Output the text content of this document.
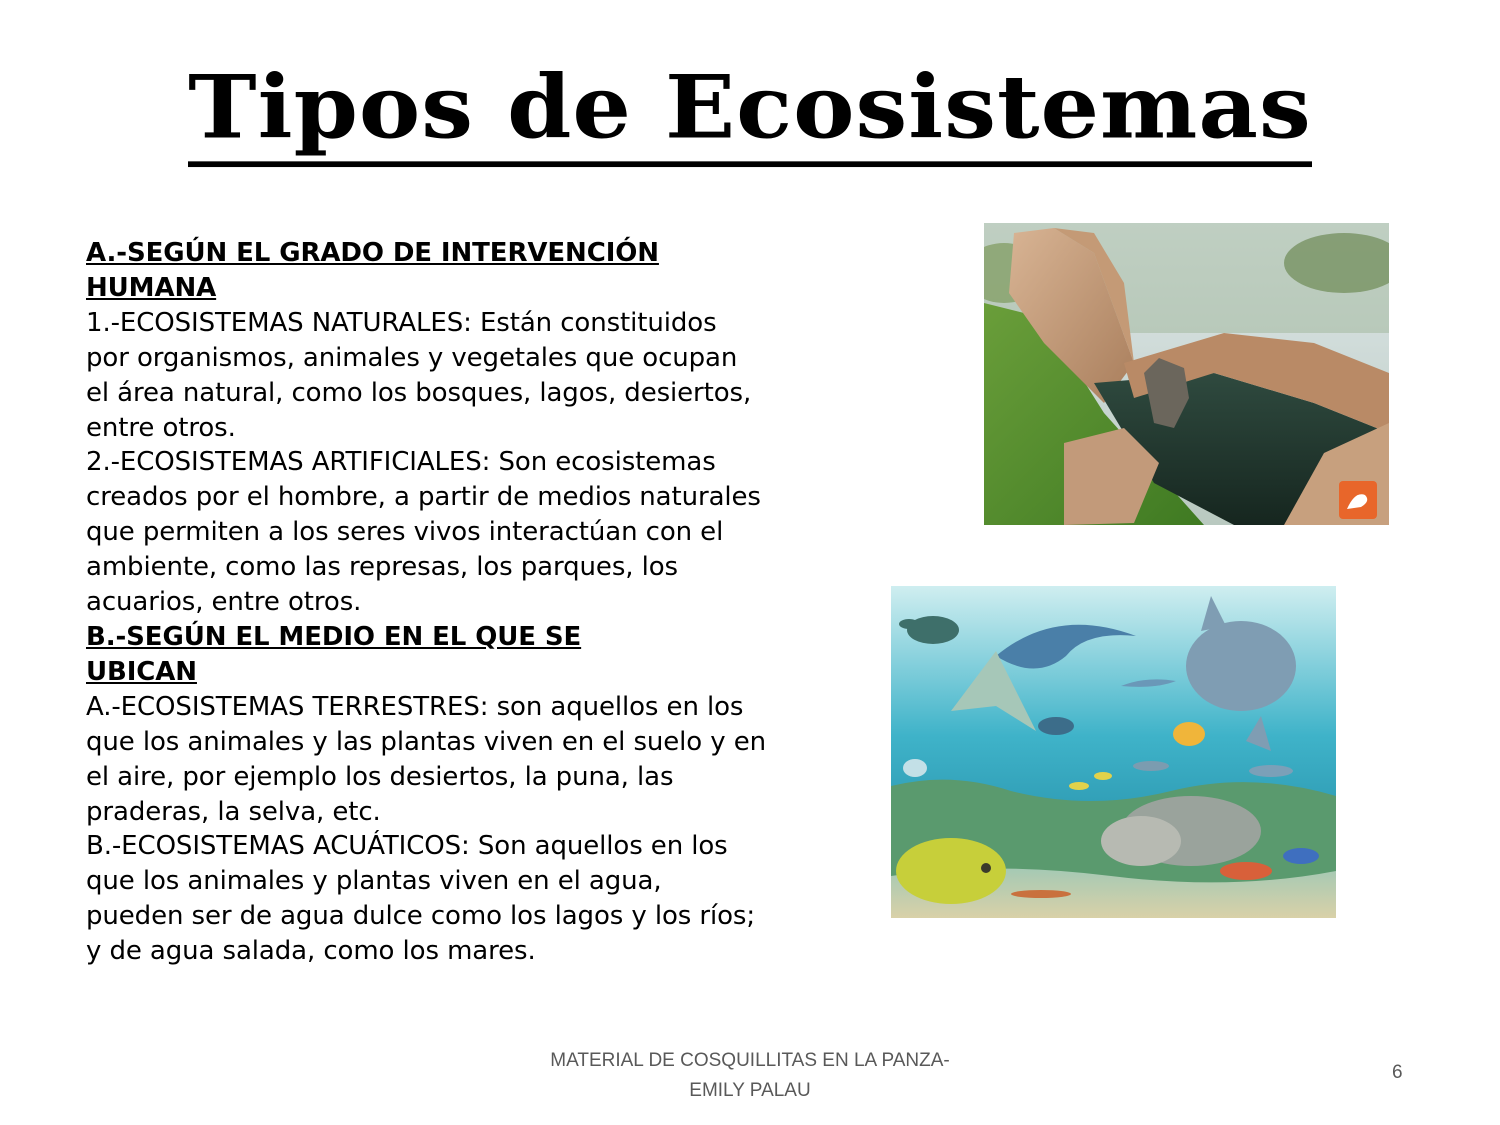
Tipos de Ecosistemas

A.-SEGÚN EL GRADO DE INTERVENCIÓN
HUMANA

1.-ECOSISTEMAS NATURALES: Están constituidos por organismos, animales y vegetales que ocupan el área natural, como los bosques, lagos, desiertos, entre otros.

2.-ECOSISTEMAS ARTIFICIALES: Son ecosistemas creados por el hombre, a partir de medios naturales que permiten a los seres vivos interactúan con el ambiente, como las represas, los parques, los acuarios, entre otros.

B.-SEGÚN EL MEDIO EN EL QUE SE
UBICAN

A.-ECOSISTEMAS TERRESTRES: son aquellos en los que los animales y las plantas viven en el suelo y en el aire, por ejemplo los desiertos, la puna, las praderas, la selva, etc.

B.-ECOSISTEMAS ACUÁTICOS: Son aquellos en los que los animales y plantas viven en el agua, pueden ser de agua dulce como los lagos y los ríos; y de agua salada, como los mares.

MATERIAL DE COSQUILLITAS EN LA PANZA-
EMILY PALAU
6
